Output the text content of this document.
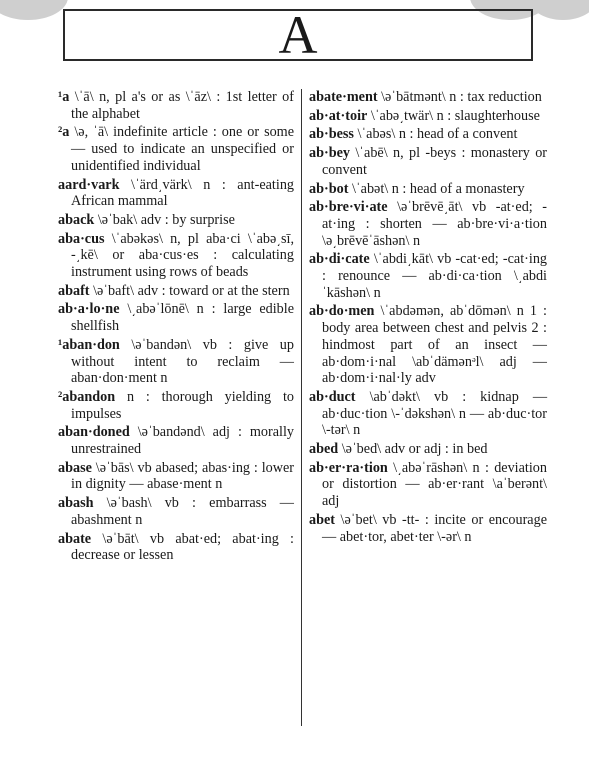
A
¹a \ˈā\ n, pl a's or as \ˈāz\ : 1st letter of the alphabet
²a \ə, ˈā\ indefinite article : one or some — used to indicate an unspecified or unidentified individual
aard·vark \ˈärd͵värk\ n : ant-eating African mammal
aback \əˈbak\ adv : by surprise
aba·cus \ˈabəkəs\ n, pl aba·ci \ˈabə͵sī, -͵kē\ or aba·cus·es : calculating instrument using rows of beads
abaft \əˈbaft\ adv : toward or at the stern
ab·a·lo·ne \͵abəˈlōnē\ n : large edible shellfish
¹aban·don \əˈbandən\ vb : give up without intent to reclaim — aban·don·ment n
²abandon n : thorough yielding to impulses
aban·doned \əˈbandənd\ adj : morally unrestrained
abase \əˈbās\ vb abased; abas·ing : lower in dignity — abase·ment n
abash \əˈbash\ vb : embarrass — abashment n
abate \əˈbāt\ vb abat·ed; abat·ing : decrease or lessen
abate·ment \əˈbātmənt\ n : tax reduction
ab·at·toir \ˈabə͵twär\ n : slaughterhouse
ab·bess \ˈabəs\ n : head of a convent
ab·bey \ˈabē\ n, pl -beys : monastery or convent
ab·bot \ˈabət\ n : head of a monastery
ab·bre·vi·ate \əˈbrēvē͵āt\ vb -at·ed; -at·ing : shorten — ab·bre·vi·a·tion \ə͵brēvēˈāshən\ n
ab·di·cate \ˈabdi͵kāt\ vb -cat·ed; -cat·ing : renounce — ab·di·ca·tion \͵abdiˈkāshən\ n
ab·do·men \ˈabdəmən, abˈdōmən\ n 1 : body area between chest and pelvis 2 : hindmost part of an insect — ab·dom·i·nal \abˈdämənᵊl\ adj — ab·dom·i·nal·ly adv
ab·duct \abˈdəkt\ vb : kidnap — ab·duc·tion \-ˈdəkshən\ n — ab·duc·tor \-tər\ n
abed \əˈbed\ adv or adj : in bed
ab·er·ra·tion \͵abəˈrāshən\ n : deviation or distortion — ab·er·rant \aˈberənt\ adj
abet \əˈbet\ vb -tt- : incite or encourage — abet·tor, abet·ter \-ər\ n
